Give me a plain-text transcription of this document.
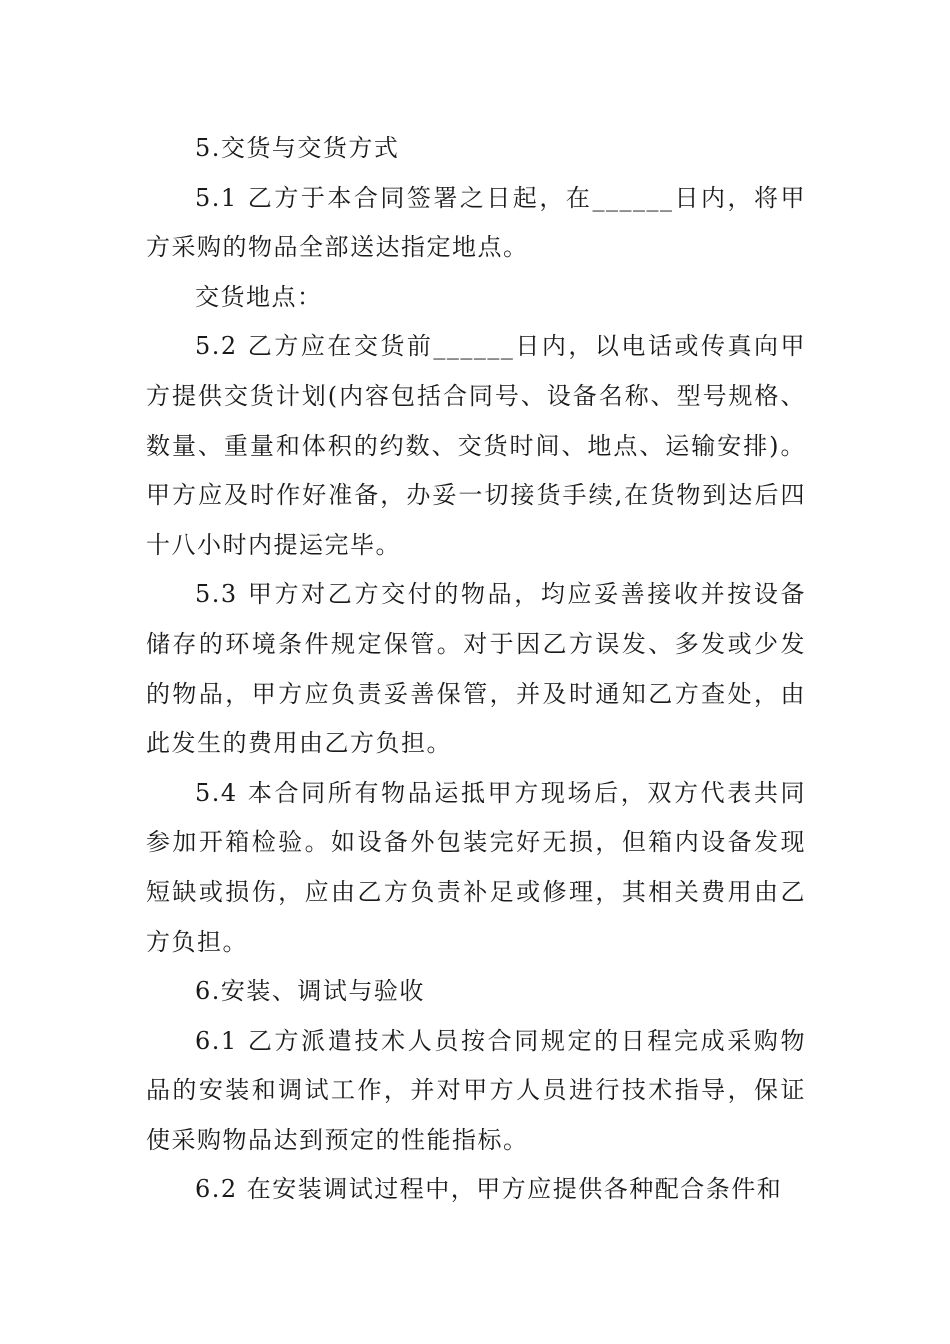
5.交货与交货方式

5.1 乙方于本合同签署之日起，在______日内，将甲方采购的物品全部送达指定地点。

交货地点：

5.2 乙方应在交货前______日内，以电话或传真向甲方提供交货计划(内容包括合同号、设备名称、型号规格、数量、重量和体积的约数、交货时间、地点、运输安排)。甲方应及时作好准备，办妥一切接货手续,在货物到达后四十八小时内提运完毕。

5.3 甲方对乙方交付的物品，均应妥善接收并按设备储存的环境条件规定保管。对于因乙方误发、多发或少发的物品，甲方应负责妥善保管，并及时通知乙方查处，由此发生的费用由乙方负担。

5.4 本合同所有物品运抵甲方现场后，双方代表共同参加开箱检验。如设备外包装完好无损，但箱内设备发现短缺或损伤，应由乙方负责补足或修理，其相关费用由乙方负担。

6.安装、调试与验收

6.1 乙方派遣技术人员按合同规定的日程完成采购物品的安装和调试工作，并对甲方人员进行技术指导，保证使采购物品达到预定的性能指标。

6.2 在安装调试过程中，甲方应提供各种配合条件和
